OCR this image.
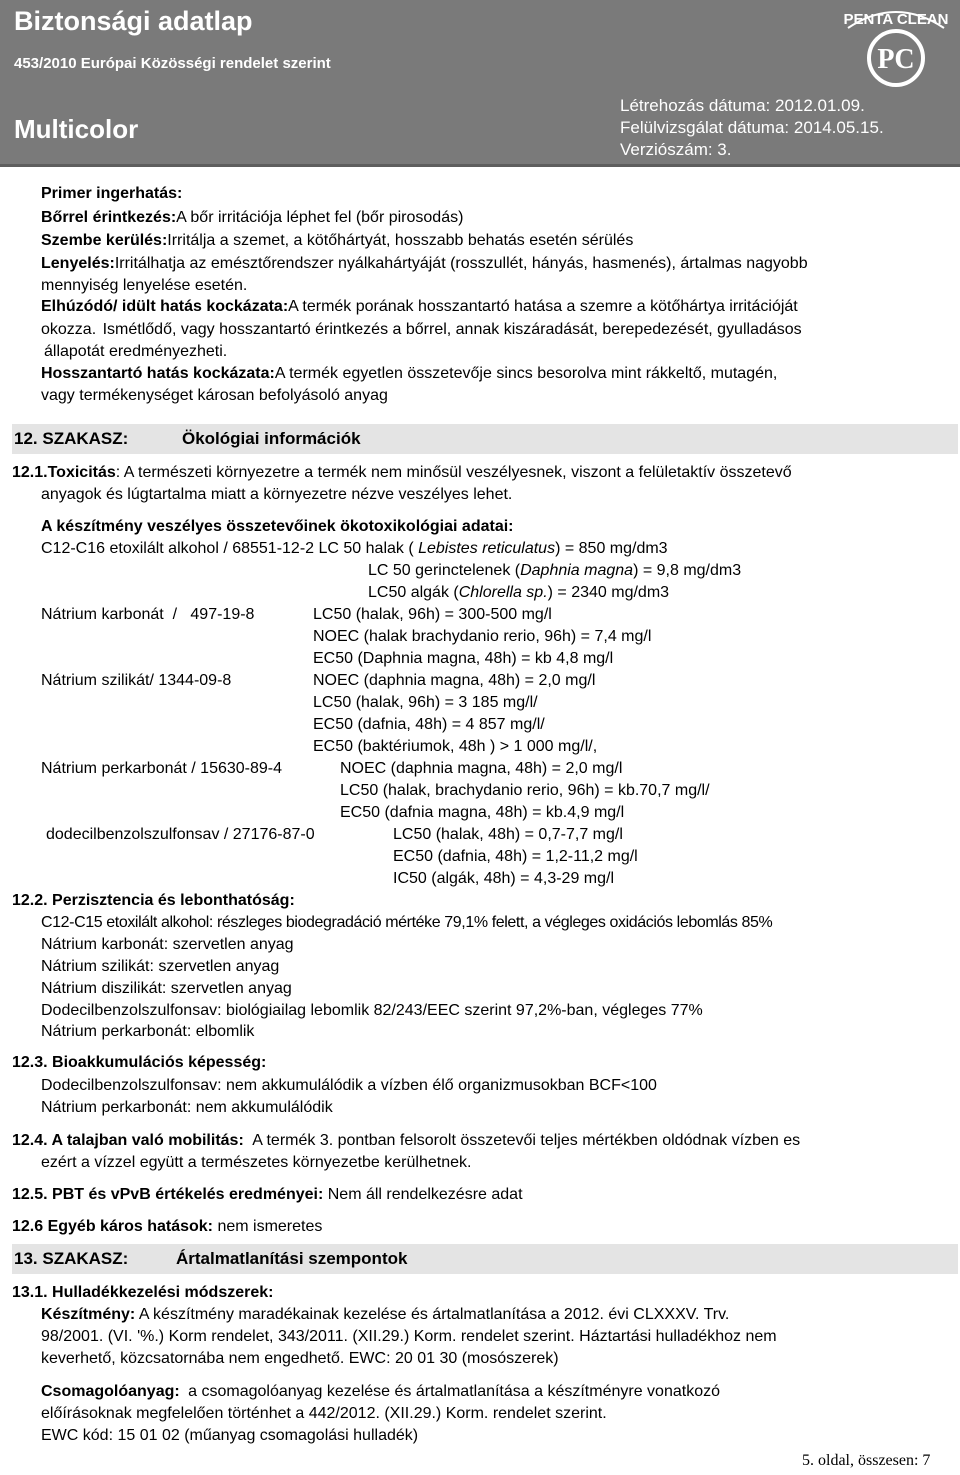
Biztonsági adatlap
453/2010 Európai Közösségi rendelet szerint
Multicolor
Létrehozás dátuma: 2012.01.09.
Felülvizsgálat dátuma: 2014.05.15.
Verziószám: 3.
PENTA CLEAN
PC
Primer ingerhatás:
Bőrrel érintkezés:A bőr irritációja léphet fel (bőr pirosodás)
Szembe kerülés:Irritálja a szemet, a kötőhártyát, hosszabb behatás esetén sérülés
Lenyelés:Irritálhatja az emésztőrendszer nyálkahártyáját (rosszullét, hányás, hasmenés), ártalmas nagyobb
mennyiség lenyelése esetén.
Elhúzódó/ idült hatás kockázata:A termék porának hosszantartó hatása a szemre a kötőhártya irritációját
okozza. Ismétlődő, vagy hosszantartó érintkezés a bőrrel, annak kiszáradását, berepedezését, gyulladásos
állapotát eredményezheti.
Hosszantartó hatás kockázata:A termék egyetlen összetevője sincs besorolva mint rákkeltő, mutagén,
vagy termékenységet károsan befolyásoló anyag
12. SZAKASZ:	Ökológiai információk
12.1.Toxicitás: A természeti környezetre a termék nem minősül veszélyesnek, viszont a felületaktív összetevő
anyagok és lúgtartalma miatt a környezetre nézve veszélyes lehet.
A készítmény veszélyes összetevőinek ökotoxikológiai adatai:
C12-C16 etoxilált alkohol / 68551-12-2 LC 50 halak ( Lebistes reticulatus) = 850 mg/dm3
LC 50 gerinctelenek (Daphnia magna) = 9,8 mg/dm3
LC50 algák (Chlorella sp.) = 2340 mg/dm3
Nátrium karbonát  /   497-19-8	LC50 (halak, 96h) = 300-500 mg/l
NOEC (halak brachydanio rerio, 96h) = 7,4 mg/l
EC50 (Daphnia magna, 48h) = kb 4,8 mg/l
Nátrium szilikát/ 1344-09-8	NOEC (daphnia magna, 48h) = 2,0 mg/l
LC50 (halak, 96h) = 3 185 mg/l/
EC50 (dafnia, 48h) = 4 857 mg/l/
EC50 (baktériumok, 48h ) > 1 000 mg/l/,
Nátrium perkarbonát / 15630-89-4	NOEC (daphnia magna, 48h) = 2,0 mg/l
LC50 (halak, brachydanio rerio, 96h) = kb.70,7 mg/l/
EC50 (dafnia magna, 48h) = kb.4,9 mg/l
dodecilbenzolszulfonsav / 27176-87-0	LC50 (halak, 48h) = 0,7-7,7 mg/l
EC50 (dafnia, 48h) = 1,2-11,2 mg/l
IC50 (algák, 48h) = 4,3-29 mg/l
12.2. Perzisztencia és lebonthatóság:
C12-C15 etoxilált alkohol: részleges biodegradáció mértéke 79,1% felett, a végleges oxidációs lebomlás 85%
Nátrium karbonát: szervetlen anyag
Nátrium szilikát: szervetlen anyag
Nátrium diszilikát: szervetlen anyag
Dodecilbenzolszulfonsav: biológiailag lebomlik 82/243/EEC szerint 97,2%-ban, végleges 77%
Nátrium perkarbonát: elbomlik
12.3. Bioakkumulációs képesség:
Dodecilbenzolszulfonsav: nem akkumulálódik a vízben élő organizmusokban BCF<100
Nátrium perkarbonát: nem akkumulálódik
12.4. A talajban való mobilitás: A termék 3. pontban felsorolt összetevői teljes mértékben oldódnak vízben es
ezért a vízzel együtt a természetes környezetbe kerülhetnek.
12.5. PBT és vPvB értékelés eredményei: Nem áll rendelkezésre adat
12.6 Egyéb káros hatások: nem ismeretes
13. SZAKASZ:	Ártalmatlanítási szempontok
13.1. Hulladékkezelési módszerek:
Készítmény: A készítmény maradékainak kezelése és ártalmatlanítása a 2012. évi CLXXXV. Trv.
98/2001. (VI. '%.) Korm rendelet, 343/2011. (XII.29.) Korm. rendelet szerint. Háztartási hulladékhoz nem
keverhető, közcsatornába nem engedhető. EWC: 20 01 30 (mosószerek)
Csomagolóanyag: a csomagolóanyag kezelése és ártalmatlanítása a készítményre vonatkozó
előírásoknak megfelelően történhet a 442/2012. (XII.29.) Korm. rendelet szerint.
EWC kód: 15 01 02 (műanyag csomagolási hulladék)
5. oldal, összesen: 7
